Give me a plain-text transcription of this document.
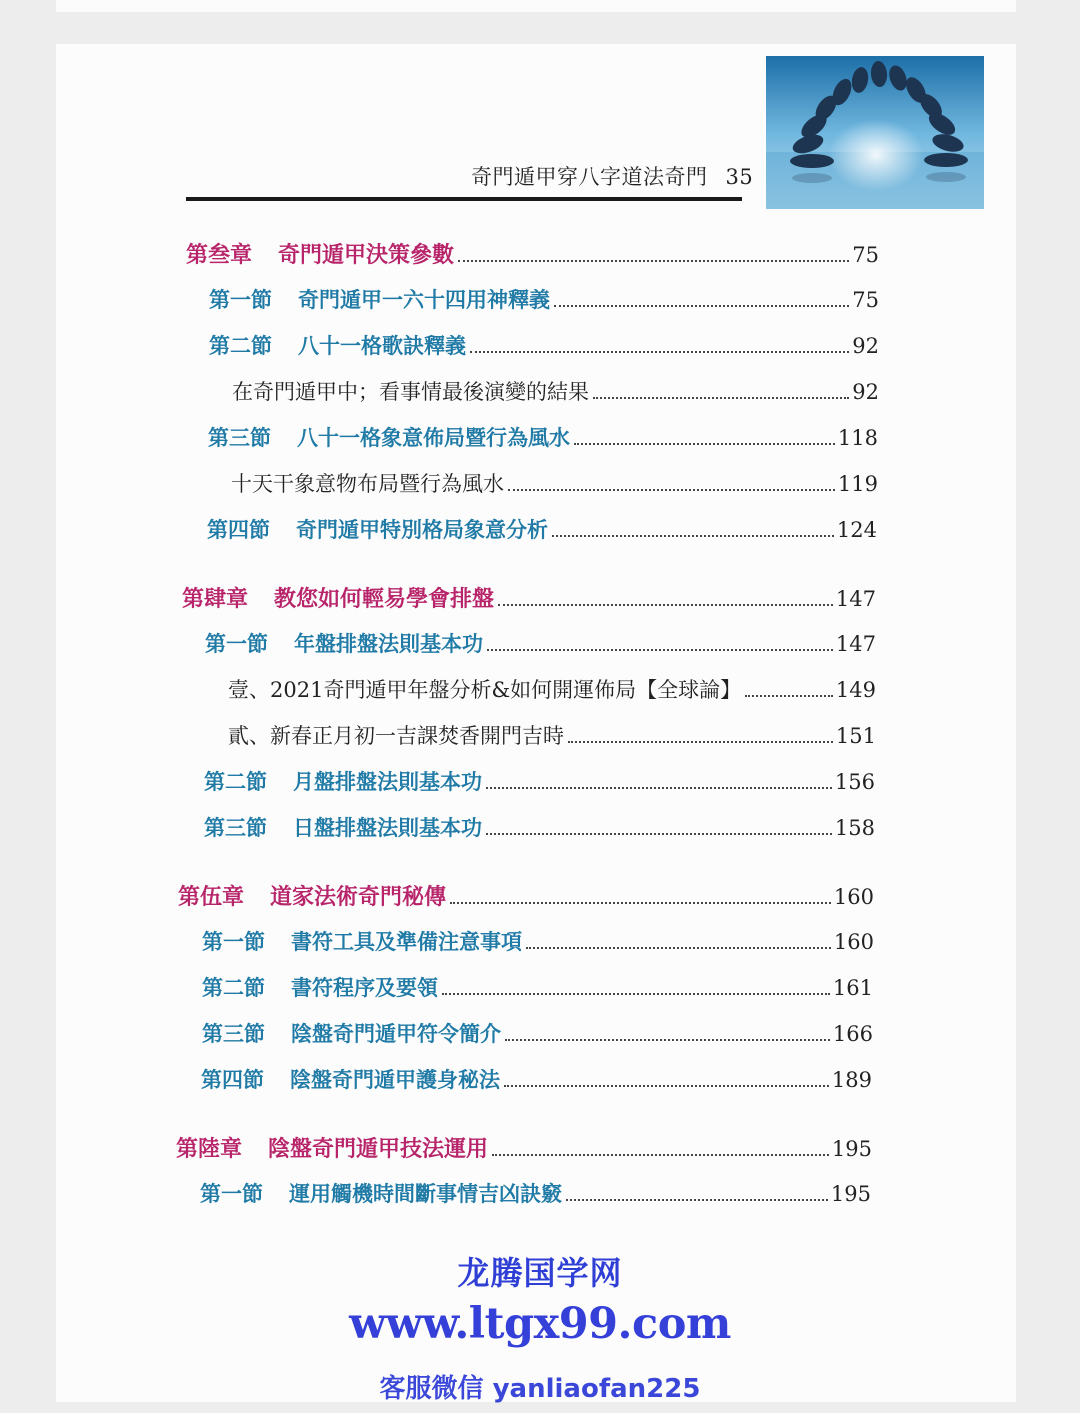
奇門遁甲穿八字道法奇門 35
第叁章 奇門遁甲決策參數	75
第一節 奇門遁甲一六十四用神釋義	75
第二節 八十一格歌訣釋義	92
在奇門遁甲中；看事情最後演變的結果	92
第三節 八十一格象意佈局暨行為風水	118
十天干象意物布局暨行為風水	119
第四節 奇門遁甲特別格局象意分析	124
第肆章 教您如何輕易學會排盤	147
第一節 年盤排盤法則基本功	147
壹、2021奇門遁甲年盤分析&如何開運佈局【全球論】	149
貳、新春正月初一吉課焚香開門吉時	151
第二節 月盤排盤法則基本功	156
第三節 日盤排盤法則基本功	158
第伍章 道家法術奇門秘傳	160
第一節 書符工具及準備注意事項	160
第二節 書符程序及要領	161
第三節 陰盤奇門遁甲符令簡介	166
第四節 陰盤奇門遁甲護身秘法	189
第陸章 陰盤奇門遁甲技法運用	195
第一節 運用觸機時間斷事情吉凶訣竅	195
龙腾国学网
www.ltgx99.com
客服微信 yanliaofan225
